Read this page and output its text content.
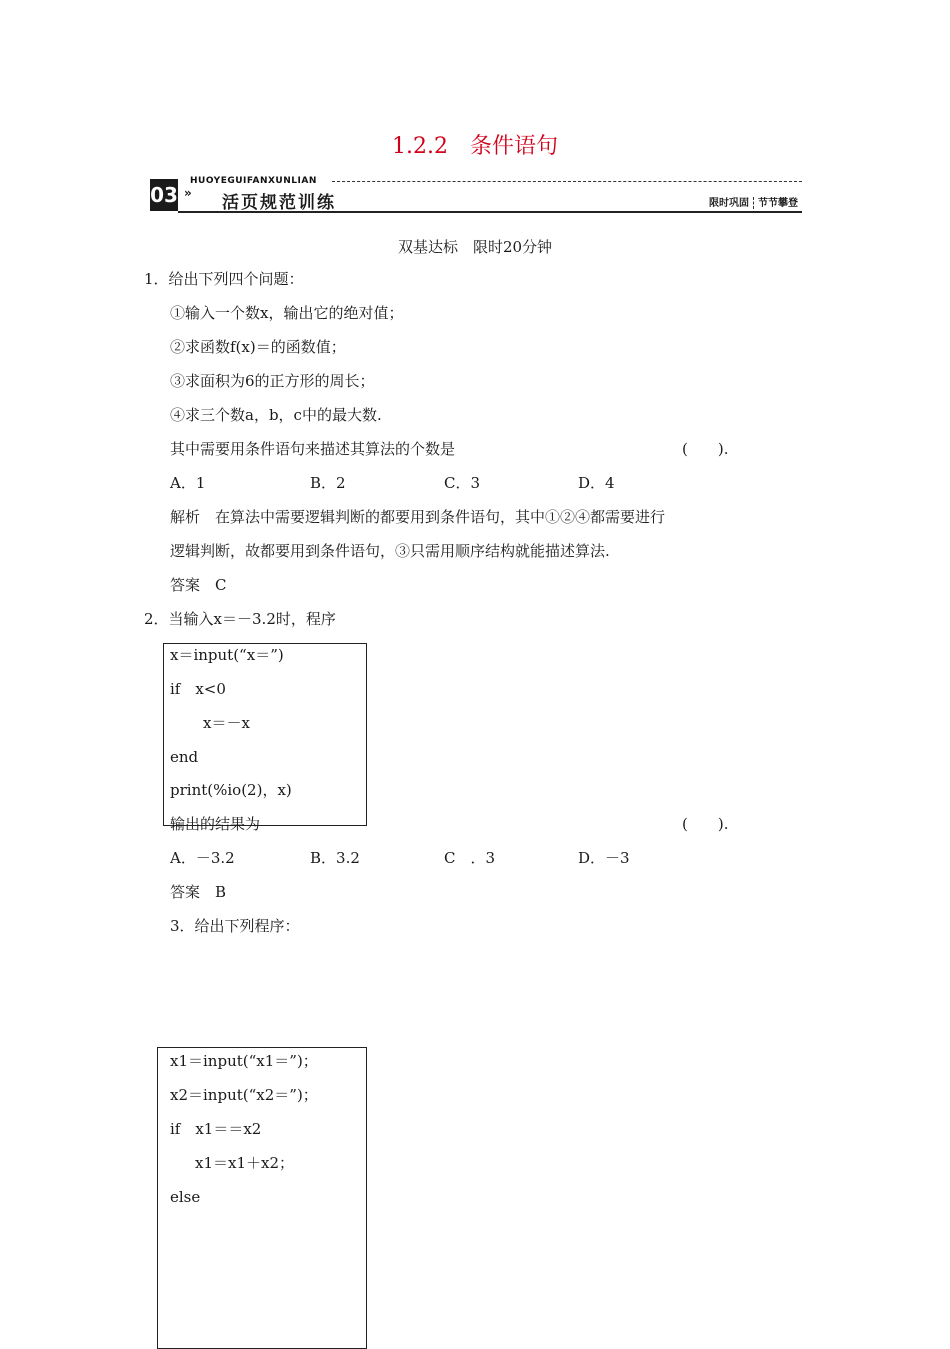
1.2.2　条件语句
HUOYEGUIFANXUNLIAN
03 » 活页规范训练	限时巩固 节节攀登
双基达标　限时20分钟
1．给出下列四个问题：
①输入一个数x，输出它的绝对值；
②求函数f(x)＝的函数值；
③求面积为6的正方形的周长；
④求三个数a，b，c中的最大数.
其中需要用条件语句来描述其算法的个数是	(　　).
A．1	B．2	C．3	D．4
解析　在算法中需要逻辑判断的都要用到条件语句，其中①②④都需要进行
逻辑判断，故都要用到条件语句，③只需用顺序结构就能描述算法.
答案　C
2．当输入x＝－3.2时，程序
x＝input(“x＝”)
if　x<0
x＝－x
end
print(%io(2)，x)
输出的结果为	(　　).
A．－3.2	B．3.2	C　．3	D．－3
答案　B
3．给出下列程序：
x1＝input(“x1＝”)；
x2＝input(“x2＝”)；
if　x1＝＝x2
x1＝x1＋x2；
else
